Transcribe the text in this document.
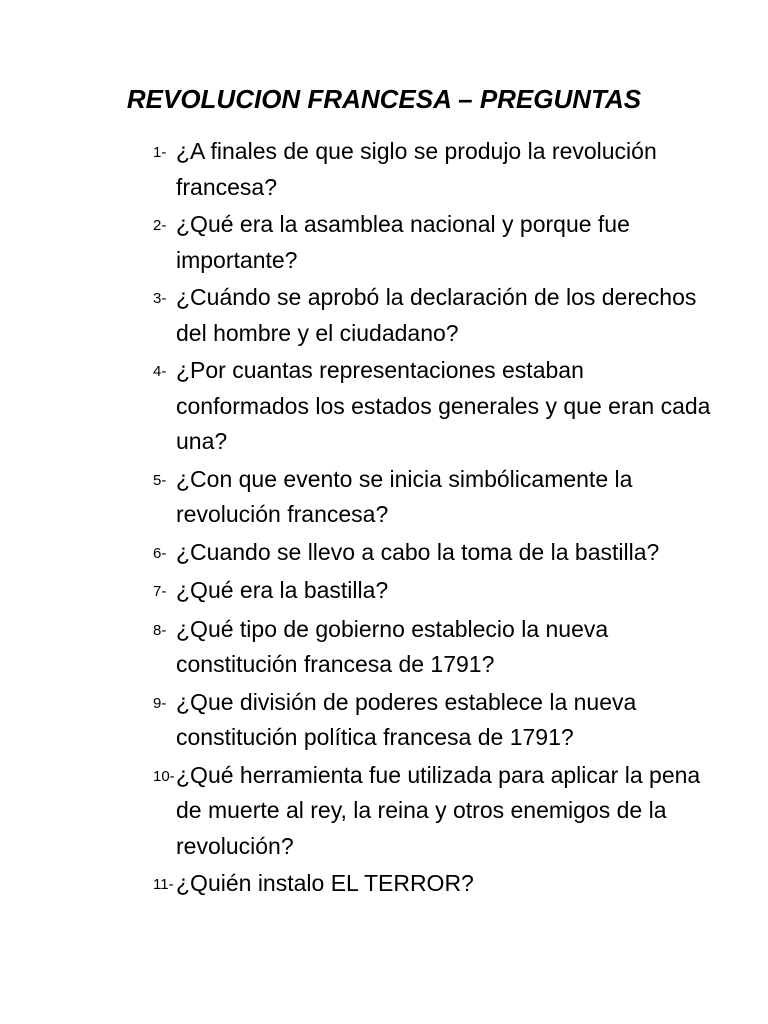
REVOLUCION FRANCESA – PREGUNTAS
1- ¿A finales de que siglo se produjo la revolución francesa?

2- ¿Qué era la asamblea nacional y porque fue importante?

3- ¿Cuándo se aprobó la declaración de los derechos del hombre y el ciudadano?

4- ¿Por cuantas representaciones estaban conformados los estados generales y que eran cada una?

5- ¿Con que evento se inicia simbólicamente la revolución francesa?

6- ¿Cuando se llevo a cabo la toma de la bastilla?

7- ¿Qué era la bastilla?

8- ¿Qué tipo de gobierno establecio la nueva constitución francesa de 1791?

9- ¿Que división de poderes establece la nueva constitución política francesa de 1791?

10- ¿Qué herramienta fue utilizada para aplicar la pena de muerte al rey, la reina y otros enemigos de la revolución?

11- ¿Quién instalo EL TERROR?
